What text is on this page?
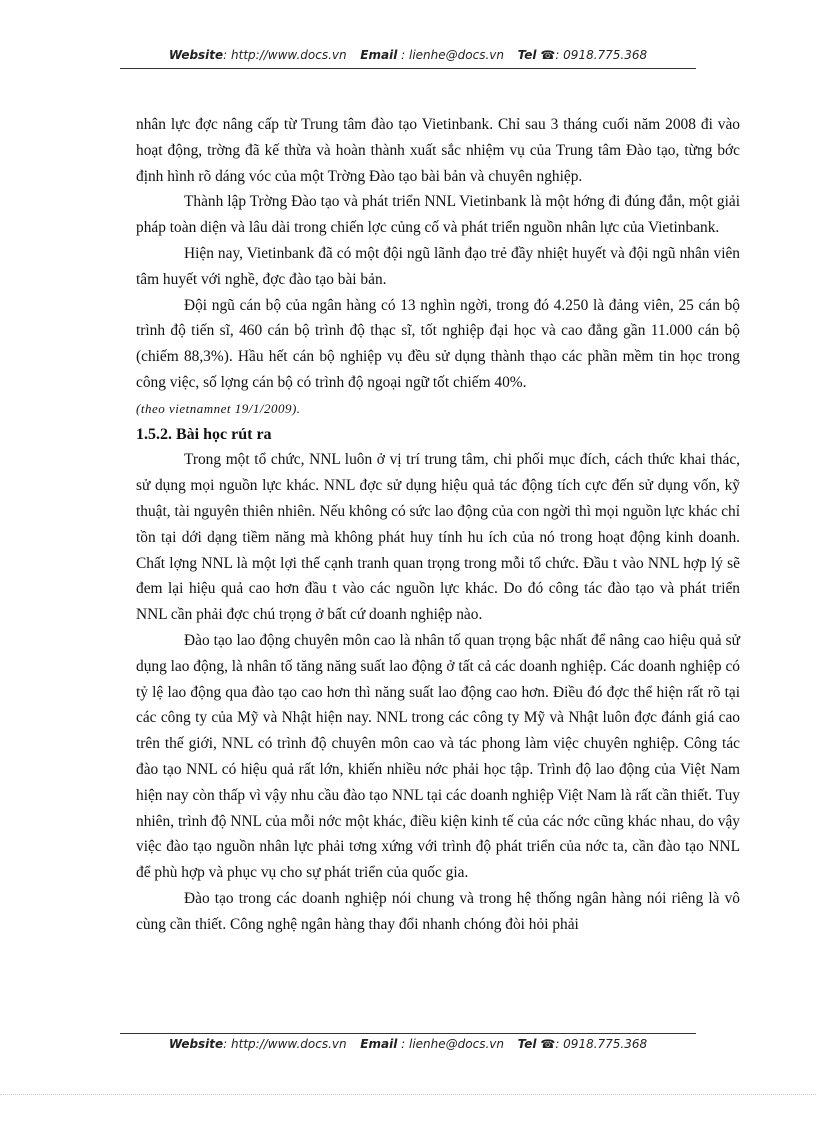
Website: http://www.docs.vn Email : lienhe@docs.vn Tel ☎: 0918.775.368

nhân lực đợc nâng cấp từ Trung tâm đào tạo Vietinbank. Chỉ sau 3 tháng cuối năm 2008 đi vào hoạt động, trờng đã kế thừa và hoàn thành xuất sắc nhiệm vụ của Trung tâm Đào tạo, từng bớc định hình rõ dáng vóc của một Trờng Đào tạo bài bản và chuyên nghiệp.

Thành lập Trờng Đào tạo và phát triển NNL Vietinbank là một hớng đi đúng đắn, một giải pháp toàn diện và lâu dài trong chiến lợc củng cố và phát triển nguồn nhân lực của Vietinbank.

Hiện nay, Vietinbank đã có một đội ngũ lãnh đạo trẻ đầy nhiệt huyết và đội ngũ nhân viên tâm huyết với nghề, đợc đào tạo bài bản.

Đội ngũ cán bộ của ngân hàng có 13 nghìn ngời, trong đó 4.250 là đảng viên, 25 cán bộ trình độ tiến sĩ, 460 cán bộ trình độ thạc sĩ, tốt nghiệp đại học và cao đẳng gần 11.000 cán bộ (chiếm 88,3%). Hầu hết cán bộ nghiệp vụ đều sử dụng thành thạo các phần mềm tin học trong công việc, số lợng cán bộ có trình độ ngoại ngữ tốt chiếm 40%.

(theo vietnamnet 19/1/2009).

1.5.2. Bài học rút ra

Trong một tổ chức, NNL luôn ở vị trí trung tâm, chi phối mục đích, cách thức khai thác, sử dụng mọi nguồn lực khác. NNL đợc sử dụng hiệu quả tác động tích cực đến sử dụng vốn, kỹ thuật, tài nguyên thiên nhiên. Nếu không có sức lao động của con ngời thì mọi nguồn lực khác chỉ tồn tại dới dạng tiềm năng mà không phát huy tính hu ích của nó trong hoạt động kinh doanh. Chất lợng NNL là một lợi thế cạnh tranh quan trọng trong mỗi tổ chức. Đầu t vào NNL hợp lý sẽ đem lại hiệu quả cao hơn đầu t vào các nguồn lực khác. Do đó công tác đào tạo và phát triển NNL cần phải đợc chú trọng ở bất cứ doanh nghiệp nào.

Đào tạo lao động chuyên môn cao là nhân tố quan trọng bậc nhất để nâng cao hiệu quả sử dụng lao động, là nhân tố tăng năng suất lao động ở tất cả các doanh nghiệp. Các doanh nghiệp có tỷ lệ lao động qua đào tạo cao hơn thì năng suất lao động cao hơn. Điều đó đợc thể hiện rất rõ tại các công ty của Mỹ và Nhật hiện nay. NNL trong các công ty Mỹ và Nhật luôn đợc đánh giá cao trên thế giới, NNL có trình độ chuyên môn cao và tác phong làm việc chuyên nghiệp. Công tác đào tạo NNL có hiệu quả rất lớn, khiến nhiều nớc phải học tập. Trình độ lao động của Việt Nam hiện nay còn thấp vì vậy nhu cầu đào tạo NNL tại các doanh nghiệp Việt Nam là rất cần thiết. Tuy nhiên, trình độ NNL của mỗi nớc một khác, điều kiện kinh tế của các nớc cũng khác nhau, do vậy việc đào tạo nguồn nhân lực phải tơng xứng với trình độ phát triển của nớc ta, cần đào tạo NNL để phù hợp và phục vụ cho sự phát triển của quốc gia.

Đào tạo trong các doanh nghiệp nói chung và trong hệ thống ngân hàng nói riêng là vô cùng cần thiết. Công nghệ ngân hàng thay đổi nhanh chóng đòi hỏi phải

Website: http://www.docs.vn Email : lienhe@docs.vn Tel ☎: 0918.775.368
